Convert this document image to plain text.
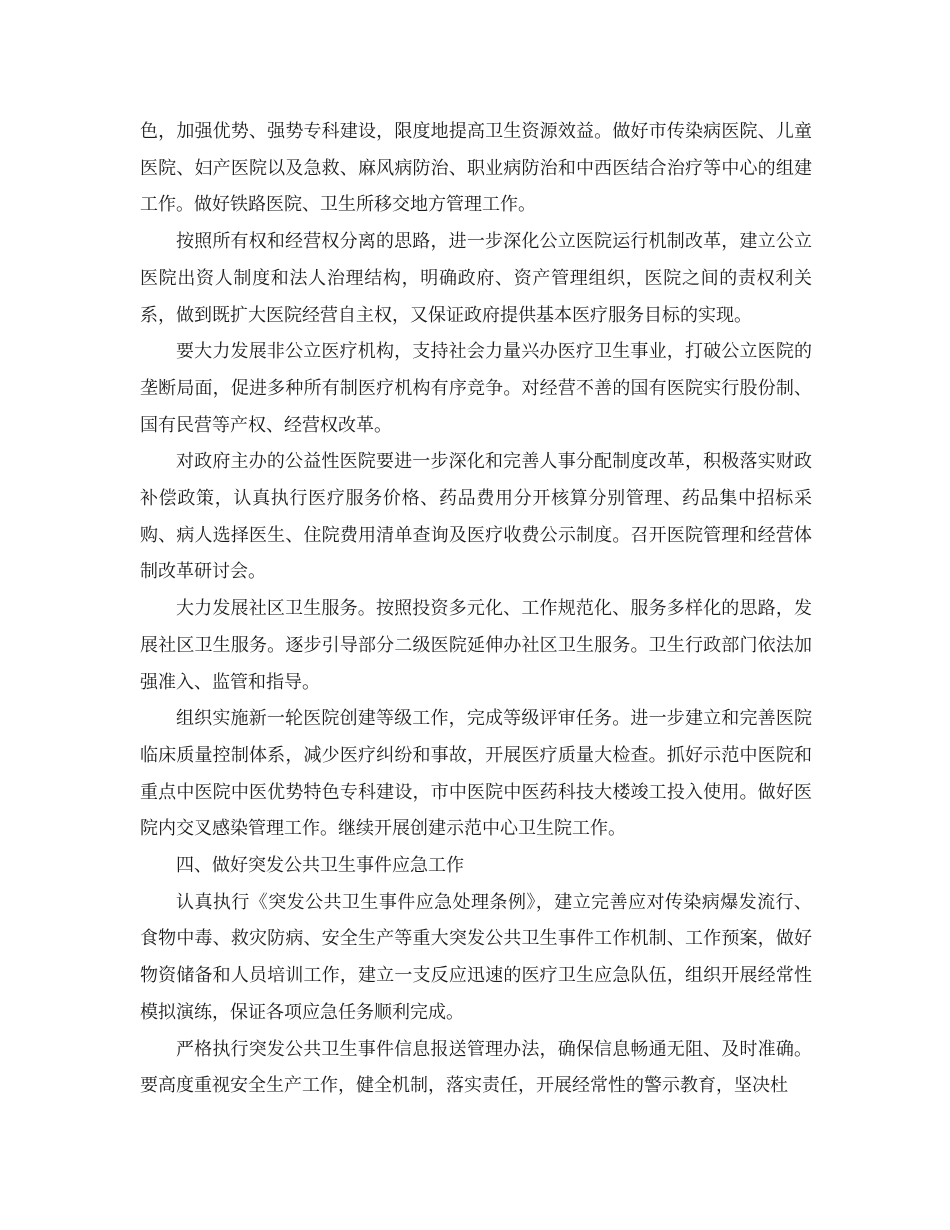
色，加强优势、强势专科建设，限度地提高卫生资源效益。做好市传染病医院、儿童医院、妇产医院以及急救、麻风病防治、职业病防治和中西医结合治疗等中心的组建工作。做好铁路医院、卫生所移交地方管理工作。

按照所有权和经营权分离的思路，进一步深化公立医院运行机制改革，建立公立医院出资人制度和法人治理结构，明确政府、资产管理组织，医院之间的责权利关系，做到既扩大医院经营自主权，又保证政府提供基本医疗服务目标的实现。

要大力发展非公立医疗机构，支持社会力量兴办医疗卫生事业，打破公立医院的垄断局面，促进多种所有制医疗机构有序竞争。对经营不善的国有医院实行股份制、国有民营等产权、经营权改革。

对政府主办的公益性医院要进一步深化和完善人事分配制度改革，积极落实财政补偿政策，认真执行医疗服务价格、药品费用分开核算分别管理、药品集中招标采购、病人选择医生、住院费用清单查询及医疗收费公示制度。召开医院管理和经营体制改革研讨会。

大力发展社区卫生服务。按照投资多元化、工作规范化、服务多样化的思路，发展社区卫生服务。逐步引导部分二级医院延伸办社区卫生服务。卫生行政部门依法加强准入、监管和指导。

组织实施新一轮医院创建等级工作，完成等级评审任务。进一步建立和完善医院临床质量控制体系，减少医疗纠纷和事故，开展医疗质量大检查。抓好示范中医院和重点中医院中医优势特色专科建设，市中医院中医药科技大楼竣工投入使用。做好医院内交叉感染管理工作。继续开展创建示范中心卫生院工作。

四、做好突发公共卫生事件应急工作

认真执行《突发公共卫生事件应急处理条例》，建立完善应对传染病爆发流行、食物中毒、救灾防病、安全生产等重大突发公共卫生事件工作机制、工作预案，做好物资储备和人员培训工作，建立一支反应迅速的医疗卫生应急队伍，组织开展经常性模拟演练，保证各项应急任务顺利完成。

严格执行突发公共卫生事件信息报送管理办法，确保信息畅通无阻、及时准确。要高度重视安全生产工作，健全机制，落实责任，开展经常性的警示教育，坚决杜
